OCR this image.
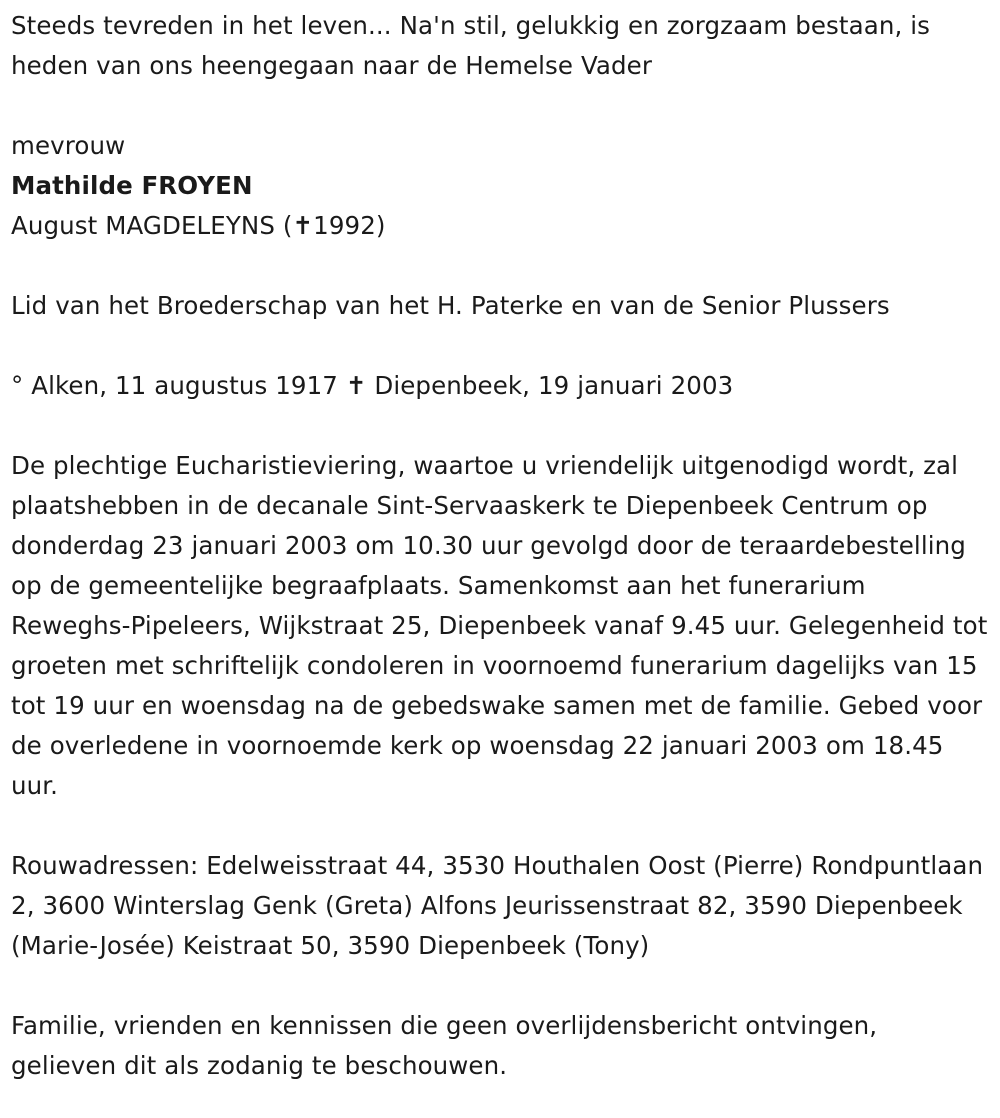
Steeds tevreden in het leven... Na'n stil, gelukkig en zorgzaam bestaan, is heden van ons heengegaan naar de Hemelse Vader

mevrouw

Mathilde FROYEN

August MAGDELEYNS (✝1992)

Lid van het Broederschap van het H. Paterke en van de Senior Plussers

° Alken, 11 augustus 1917 ✝ Diepenbeek, 19 januari 2003

De plechtige Eucharistieviering, waartoe u vriendelijk uitgenodigd wordt, zal plaatshebben in de decanale Sint-Servaaskerk te Diepenbeek Centrum op donderdag 23 januari 2003 om 10.30 uur gevolgd door de teraardebestelling op de gemeentelijke begraafplaats. Samenkomst aan het funerarium Reweghs-Pipeleers, Wijkstraat 25, Diepenbeek vanaf 9.45 uur. Gelegenheid tot groeten met schriftelijk condoleren in voornoemd funerarium dagelijks van 15 tot 19 uur en woensdag na de gebedswake samen met de familie. Gebed voor de overledene in voornoemde kerk op woensdag 22 januari 2003 om 18.45 uur.

Rouwadressen: Edelweisstraat 44, 3530 Houthalen Oost (Pierre) Rondpuntlaan 2, 3600 Winterslag Genk (Greta) Alfons Jeurissenstraat 82, 3590 Diepenbeek (Marie-Josée) Keistraat 50, 3590 Diepenbeek (Tony)

Familie, vrienden en kennissen die geen overlijdensbericht ontvingen, gelieven dit als zodanig te beschouwen.
